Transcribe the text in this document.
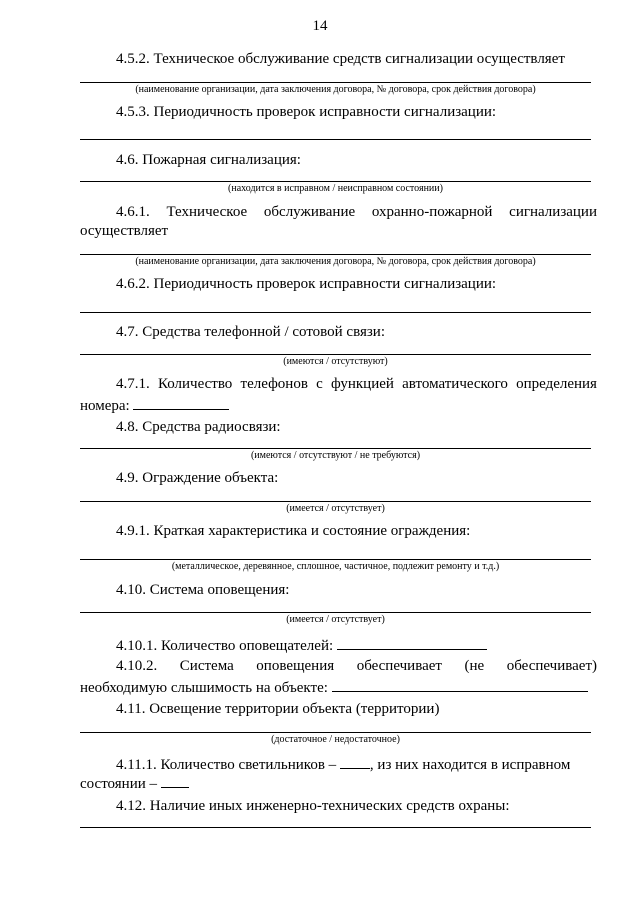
14
4.5.2. Техническое обслуживание средств сигнализации осуществляет
(наименование организации, дата заключения договора, № договора, срок действия договора)
4.5.3. Периодичность проверок исправности сигнализации:
4.6. Пожарная сигнализация:
(находится в исправном / неисправном состоянии)
4.6.1. Техническое обслуживание охранно-пожарной сигнализации
осуществляет
(наименование организации, дата заключения договора, № договора, срок действия договора)
4.6.2. Периодичность проверок исправности сигнализации:
4.7. Средства телефонной / сотовой связи:
(имеются / отсутствуют)
4.7.1. Количество телефонов с функцией автоматического определения
номера:
4.8. Средства радиосвязи:
(имеются / отсутствуют / не требуются)
4.9. Ограждение объекта:
(имеется / отсутствует)
4.9.1. Краткая характеристика и состояние ограждения:
(металлическое, деревянное, сплошное, частичное, подлежит ремонту и т.д.)
4.10. Система оповещения:
(имеется / отсутствует)
4.10.1. Количество оповещателей:
4.10.2. Система оповещения обеспечивает (не обеспечивает)
необходимую слышимость на объекте:
4.11. Освещение территории объекта (территории)
(достаточное / недостаточное)
4.11.1. Количество светильников – , из них находится в исправном
состоянии –
4.12. Наличие иных инженерно-технических средств охраны:
